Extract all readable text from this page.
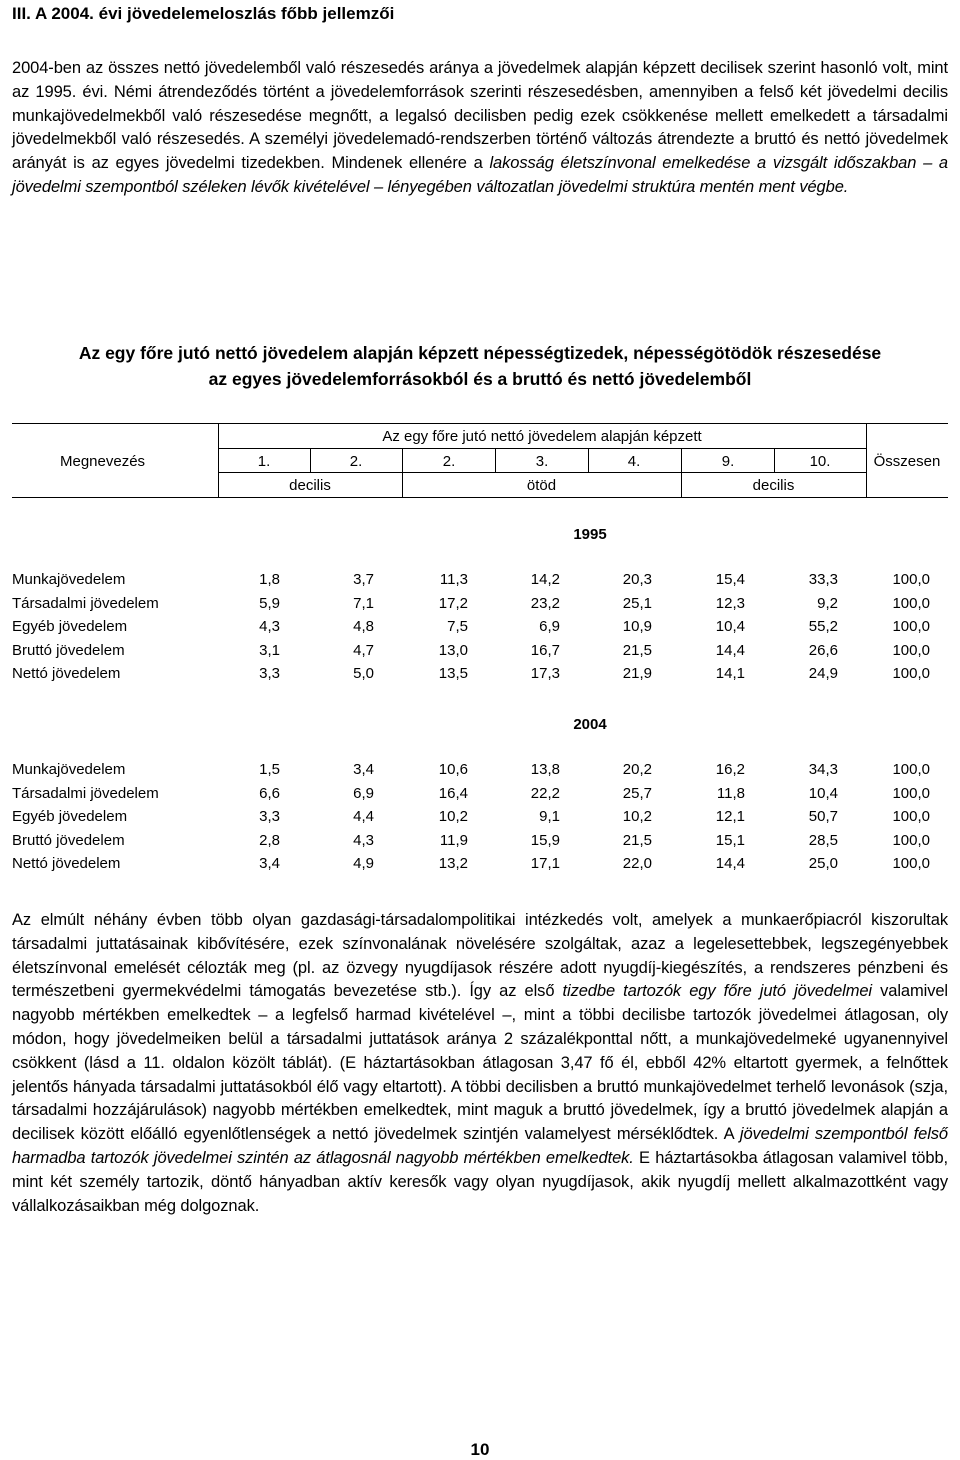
III. A 2004. évi jövedelemeloszlás főbb jellemzői

2004-ben az összes nettó jövedelemből való részesedés aránya a jövedelmek alapján képzett decilisek szerint hasonló volt, mint az 1995. évi. Némi átrendeződés történt a jövedelemforrások szerinti részesedésben, amennyiben a felső két jövedelmi decilis munkajövedelmekből való részesedése megnőtt, a legalsó decilisben pedig ezek csökkenése mellett emelkedett a társadalmi jövedelmekből való részesedés. A személyi jövedelemadó-rendszerben történő változás átrendezte a bruttó és nettó jövedelmek arányát is az egyes jövedelmi tizedekben. Mindenek ellenére a lakosság életszínvonal emelkedése a vizsgált időszakban – a jövedelmi szempontból széleken lévők kivételével – lényegében változatlan jövedelmi struktúra mentén ment végbe.

Az egy főre jutó nettó jövedelem alapján képzett népességtizedek, népességötödök részesedése
az egyes jövedelemforrásokból és a bruttó és nettó jövedelemből
Megnevezés
Az egy főre jutó nettó jövedelem alapján képzett
Összesen
1.	2.	2.	3.	4.	9.	10.
decilis	ötöd	decilis
1995
Munkajövedelem	1,8	3,7	11,3	14,2	20,3	15,4	33,3	100,0
Társadalmi jövedelem	5,9	7,1	17,2	23,2	25,1	12,3	9,2	100,0
Egyéb jövedelem	4,3	4,8	7,5	6,9	10,9	10,4	55,2	100,0
Bruttó jövedelem	3,1	4,7	13,0	16,7	21,5	14,4	26,6	100,0
Nettó jövedelem	3,3	5,0	13,5	17,3	21,9	14,1	24,9	100,0
2004
Munkajövedelem	1,5	3,4	10,6	13,8	20,2	16,2	34,3	100,0
Társadalmi jövedelem	6,6	6,9	16,4	22,2	25,7	11,8	10,4	100,0
Egyéb jövedelem	3,3	4,4	10,2	9,1	10,2	12,1	50,7	100,0
Bruttó jövedelem	2,8	4,3	11,9	15,9	21,5	15,1	28,5	100,0
Nettó jövedelem	3,4	4,9	13,2	17,1	22,0	14,4	25,0	100,0

Az elmúlt néhány évben több olyan gazdasági-társadalompolitikai intézkedés volt, amelyek a munkaerőpiacról kiszorultak társadalmi juttatásainak kibővítésére, ezek színvonalának növelésére szolgáltak, azaz a legelesettebbek, legszegényebbek életszínvonal emelését célozták meg (pl. az özvegy nyugdíjasok részére adott nyugdíj-kiegészítés, a rendszeres pénzbeni és természetbeni gyermekvédelmi támogatás bevezetése stb.). Így az első tizedbe tartozók egy főre jutó jövedelmei valamivel nagyobb mértékben emelkedtek – a legfelső harmad kivételével –, mint a többi decilisbe tartozók jövedelmei átlagosan, oly módon, hogy jövedelmeiken belül a társadalmi juttatások aránya 2 százalékponttal nőtt, a munkajövedelmeké ugyanennyivel csökkent (lásd a 11. oldalon közölt táblát). (E háztartásokban átlagosan 3,47 fő él, ebből 42% eltartott gyermek, a felnőttek jelentős hányada társadalmi juttatásokból élő vagy eltartott). A többi decilisben a bruttó munkajövedelmet terhelő levonások (szja, társadalmi hozzájárulások) nagyobb mértékben emelkedtek, mint maguk a bruttó jövedelmek, így a bruttó jövedelmek alapján a decilisek között előálló egyenlőtlenségek a nettó jövedelmek szintjén valamelyest mérséklődtek. A jövedelmi szempontból felső harmadba tartozók jövedelmei szintén az átlagosnál nagyobb mértékben emelkedtek. E háztartásokba átlagosan valamivel több, mint két személy tartozik, döntő hányadban aktív keresők vagy olyan nyugdíjasok, akik nyugdíj mellett alkalmazottként vagy vállalkozásaikban még dolgoznak.

10
